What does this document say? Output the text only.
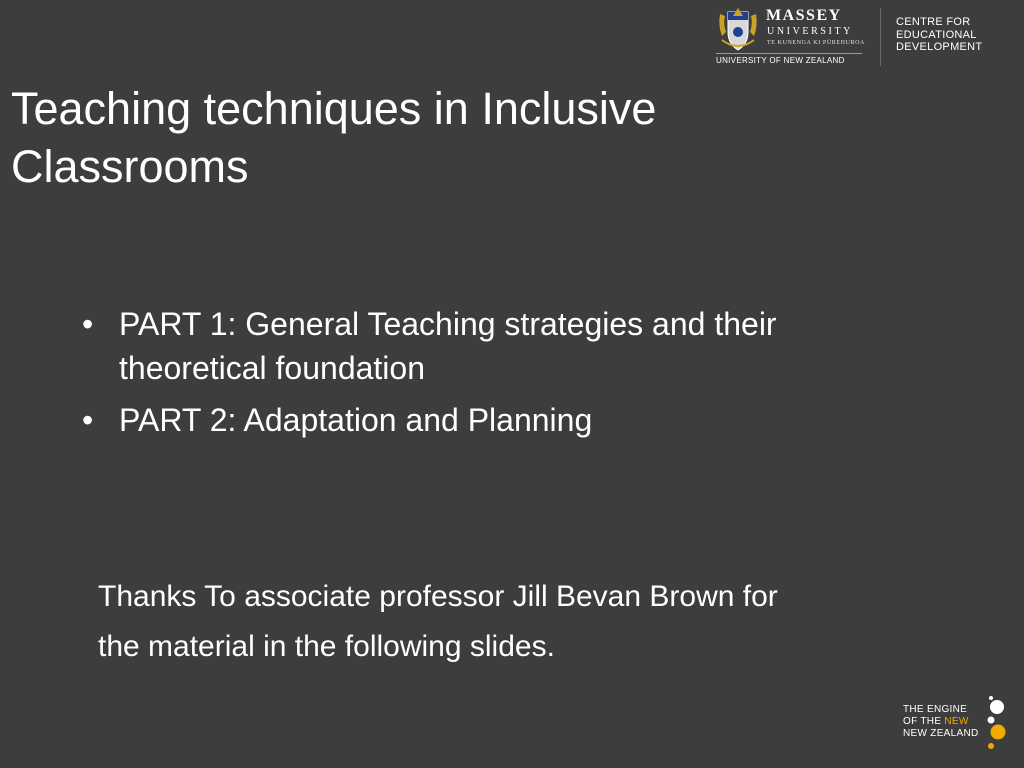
MASSEY
UNIVERSITY
TE KUNENGA KI PŪREHUROA
UNIVERSITY OF NEW ZEALAND
CENTRE FOR
EDUCATIONAL
DEVELOPMENT
Teaching techniques in Inclusive
Classrooms
• PART 1: General Teaching strategies and their theoretical foundation
• PART 2: Adaptation and Planning

Thanks To associate professor Jill Bevan Brown for
the material in the following slides.

THE ENGINE
OF THE NEW
NEW ZEALAND
